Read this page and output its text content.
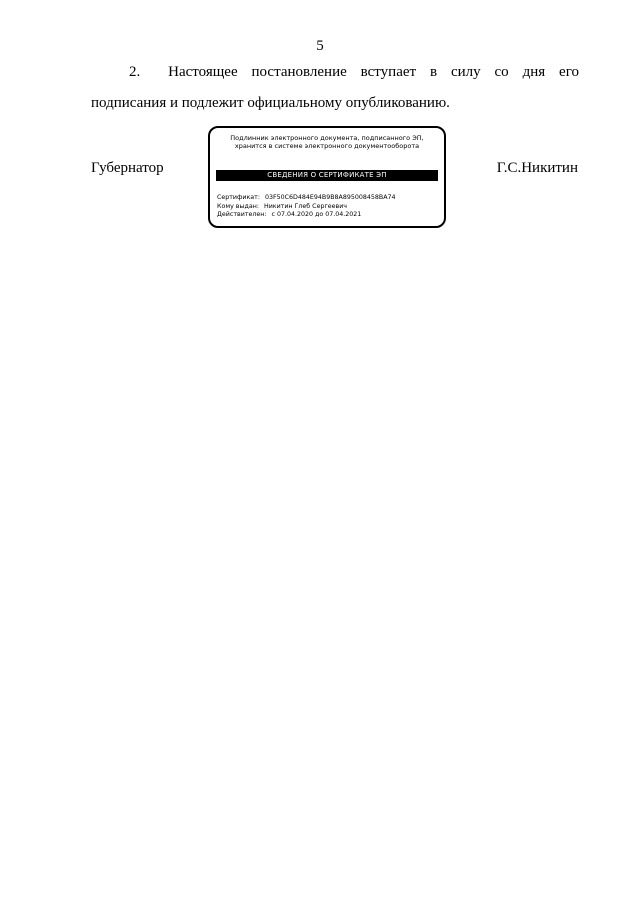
5
2. Настоящее постановление вступает в силу со дня его
подписания и подлежит официальному опубликованию.
Губернатор	Г.С.Никитин
Подлинник электронного документа, подписанного ЭП,
хранится в системе электронного документооборота
СВЕДЕНИЯ О СЕРТИФИКАТЕ ЭП
Сертификат: 03F50C6D484E94B9B8A895008458BA74
Кому выдан: Никитин Глеб Сергеевич
Действителен: с 07.04.2020 до 07.04.2021
